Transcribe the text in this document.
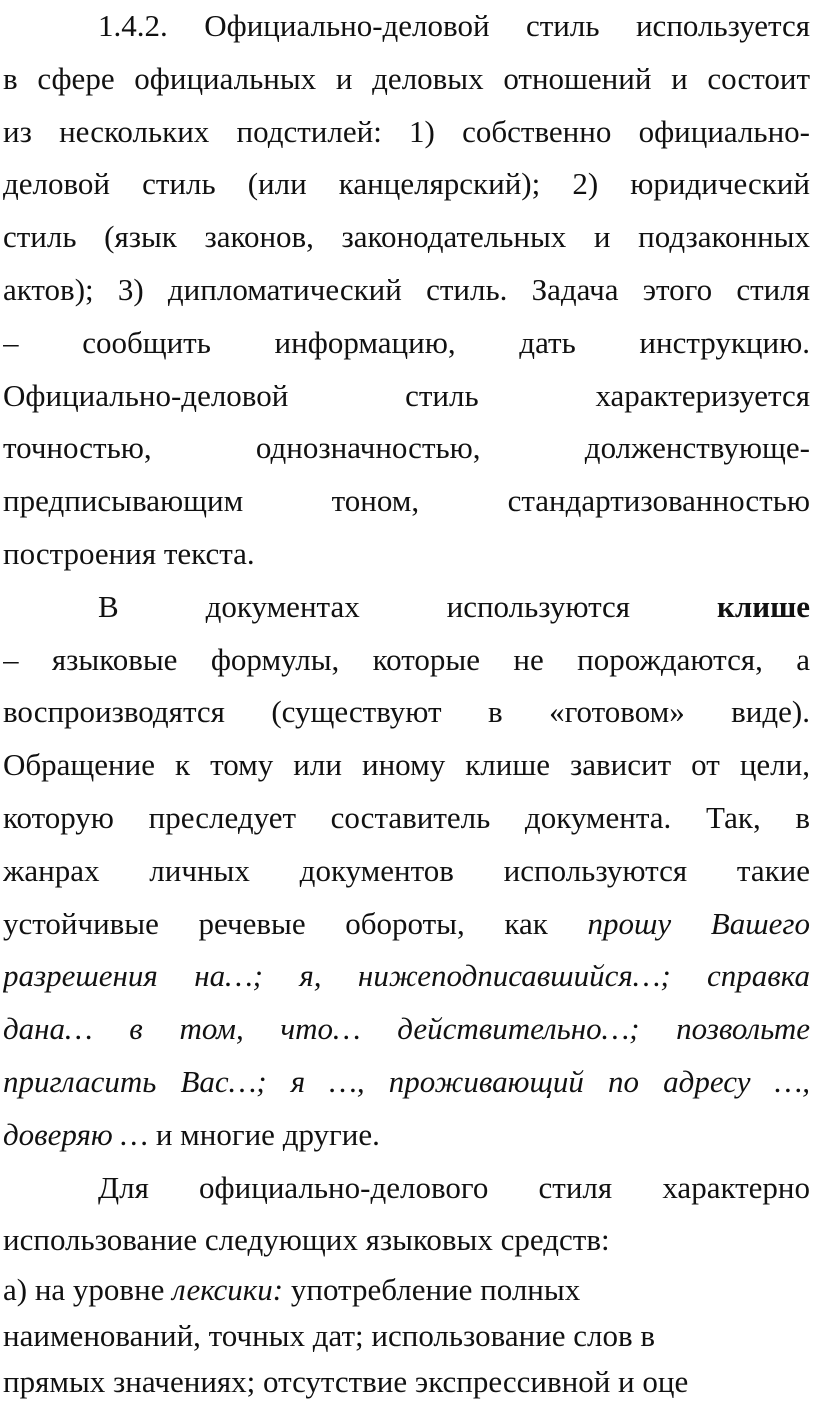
1.4.2. Официально-деловой стиль используется
в сфере официальных и деловых отношений и состоит
из нескольких подстилей: 1) собственно официально-
деловой стиль (или канцелярский); 2) юридический
стиль (язык законов, законодательных и подзаконных
актов); 3) дипломатический стиль. Задача этого стиля
– сообщить информацию, дать инструкцию.
Официально-деловой стиль характеризуется
точностью, однозначностью, долженствующе-
предписывающим тоном, стандартизованностью
построения текста.
В документах используются клише
– языковые формулы, которые не порождаются, а
воспроизводятся (существуют в «готовом» виде).
Обращение к тому или иному клише зависит от цели,
которую преследует составитель документа. Так, в
жанрах личных документов используются такие
устойчивые речевые обороты, как прошу Вашего
разрешения на…; я, нижеподписавшийся…; справка
дана… в том, что… действительно…; позвольте
пригласить Вас…; я …, проживающий по адресу …,
доверяю … и многие другие.
Для официально-делового стиля характерно
использование следующих языковых средств:
а) на уровне лексики: употребление полных
наименований, точных дат; использование слов в
прямых значениях; отсутствие экспрессивной и оце
